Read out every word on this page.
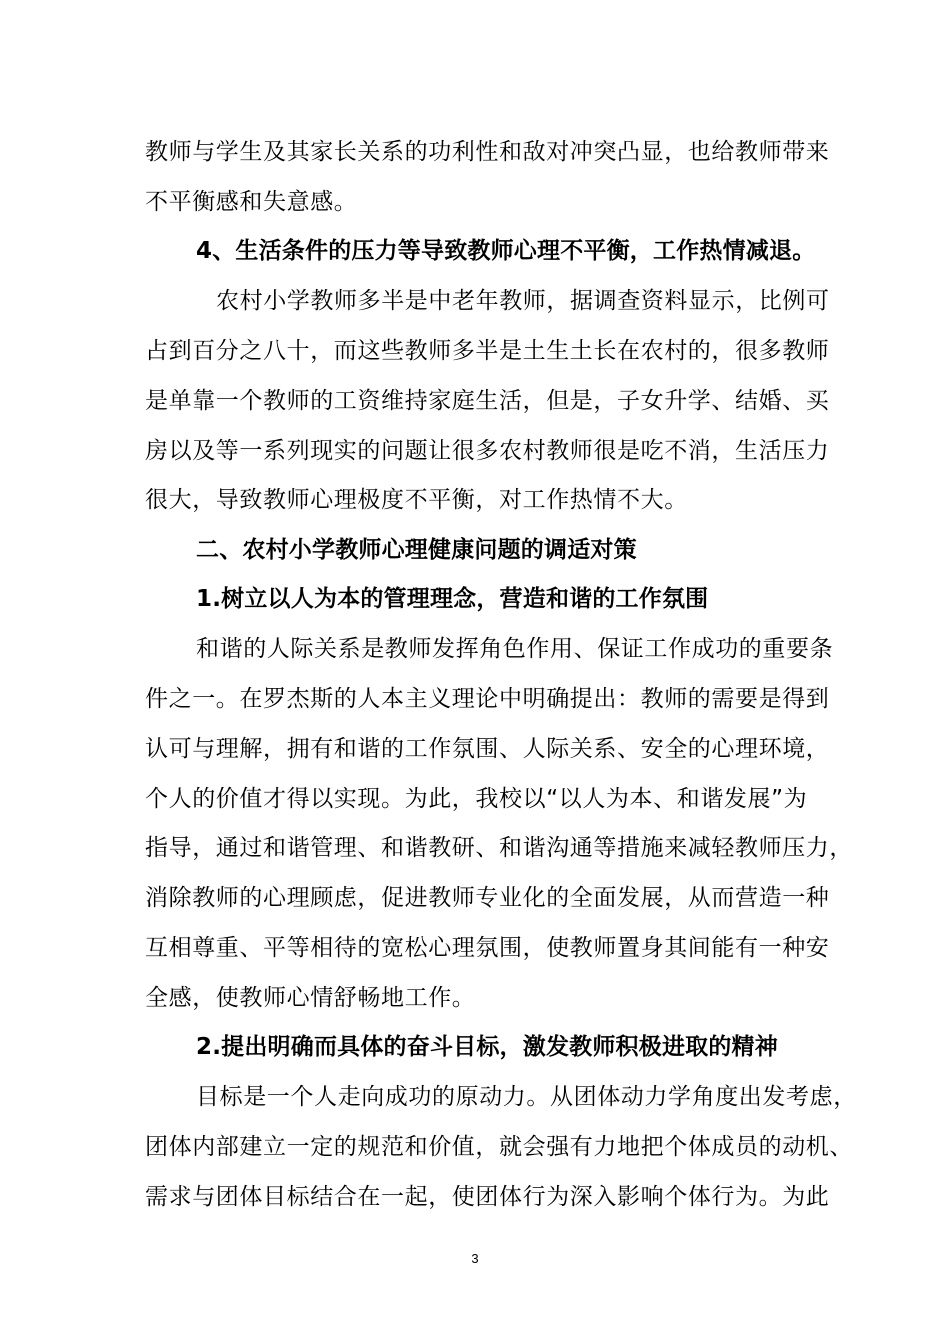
教师与学生及其家长关系的功利性和敌对冲突凸显，也给教师带来
不平衡感和失意感。
4、生活条件的压力等导致教师心理不平衡，工作热情减退。
农村小学教师多半是中老年教师，据调查资料显示，比例可
占到百分之八十，而这些教师多半是土生土长在农村的，很多教师
是单靠一个教师的工资维持家庭生活，但是，子女升学、结婚、买
房以及等一系列现实的问题让很多农村教师很是吃不消，生活压力
很大，导致教师心理极度不平衡，对工作热情不大。
二、农村小学教师心理健康问题的调适对策
1.树立以人为本的管理理念，营造和谐的工作氛围
和谐的人际关系是教师发挥角色作用、保证工作成功的重要条
件之一。在罗杰斯的人本主义理论中明确提出：教师的需要是得到
认可与理解，拥有和谐的工作氛围、人际关系、安全的心理环境，
个人的价值才得以实现。为此，我校以“以人为本、和谐发展”为
指导，通过和谐管理、和谐教研、和谐沟通等措施来减轻教师压力，
消除教师的心理顾虑，促进教师专业化的全面发展，从而营造一种
互相尊重、平等相待的宽松心理氛围，使教师置身其间能有一种安
全感，使教师心情舒畅地工作。
2.提出明确而具体的奋斗目标，激发教师积极进取的精神
目标是一个人走向成功的原动力。从团体动力学角度出发考虑，
团体内部建立一定的规范和价值，就会强有力地把个体成员的动机、
需求与团体目标结合在一起，使团体行为深入影响个体行为。为此
3
